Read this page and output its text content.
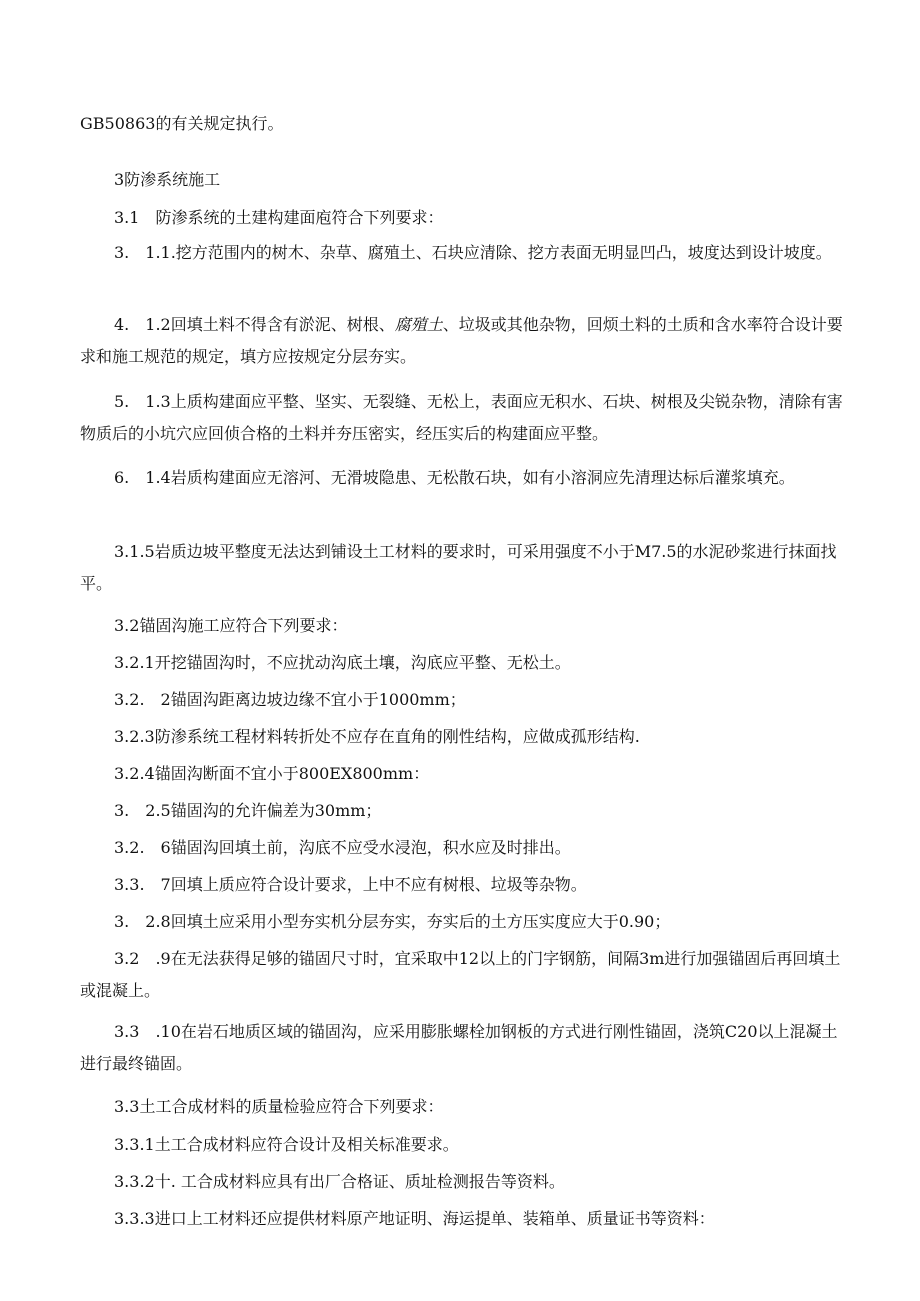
GB50863的有关规定执行。

3防渗系统施工

3.1　防渗系统的土建构建面庖符合下列要求：

3.　1.1.挖方范围内的树木、杂草、腐殖土、石块应清除、挖方表面无明显凹凸，坡度达到设计坡度。

4.　1.2回填土料不得含有淤泥、树根、腐殖土、垃圾或其他杂物，回烦土料的土质和含水率符合设计要求和施工规范的规定，填方应按规定分层夯实。

5.　1.3上质构建面应平整、坚实、无裂缝、无松上，表面应无积水、石块、树根及尖锐杂物，清除有害物质后的小坑穴应回侦合格的土料并夯压密实，经压实后的构建面应平整。

6.　1.4岩质构建面应无溶河、无滑坡隐患、无松散石块，如有小溶洞应先清理达标后灌浆填充。

3.1.5岩质边坡平整度无法达到铺设土工材料的要求时，可采用强度不小于M7.5的水泥砂浆进行抹面找平。

3.2锚固沟施工应符合下列要求：

3.2.1开挖锚固沟时，不应扰动沟底土壤，沟底应平整、无松土。

3.2.　2锚固沟距离边坡边缘不宜小于1000mm；

3.2.3防渗系统工程材料转折处不应存在直角的刚性结构，应做成孤形结构.

3.2.4锚固沟断面不宜小于800EX800mm：

3.　2.5锚固沟的允许偏差为30mm；

3.2.　6锚固沟回填土前，沟底不应受水浸泡，积水应及时排出。

3.3.　7回填上质应符合设计要求，上中不应有树根、垃圾等杂物。

3.　2.8回填土应采用小型夯实机分层夯实，夯实后的土方压实度应大于0.90；

3.2　.9在无法获得足够的锚固尺寸时，宜采取中12以上的门字钢筋，间隔3m进行加强锚固后再回填土或混凝上。

3.3　.10在岩石地质区域的锚固沟，应采用膨胀螺栓加钢板的方式进行刚性锚固，浇筑C20以上混凝土进行最终锚固。

3.3土工合成材料的质量检验应符合下列要求：

3.3.1土工合成材料应符合设计及相关标准要求。

3.3.2十. 工合成材料应具有出厂合格证、质址检测报告等资料。

3.3.3进口上工材料还应提供材料原产地证明、海运提单、装箱单、质量证书等资料：
